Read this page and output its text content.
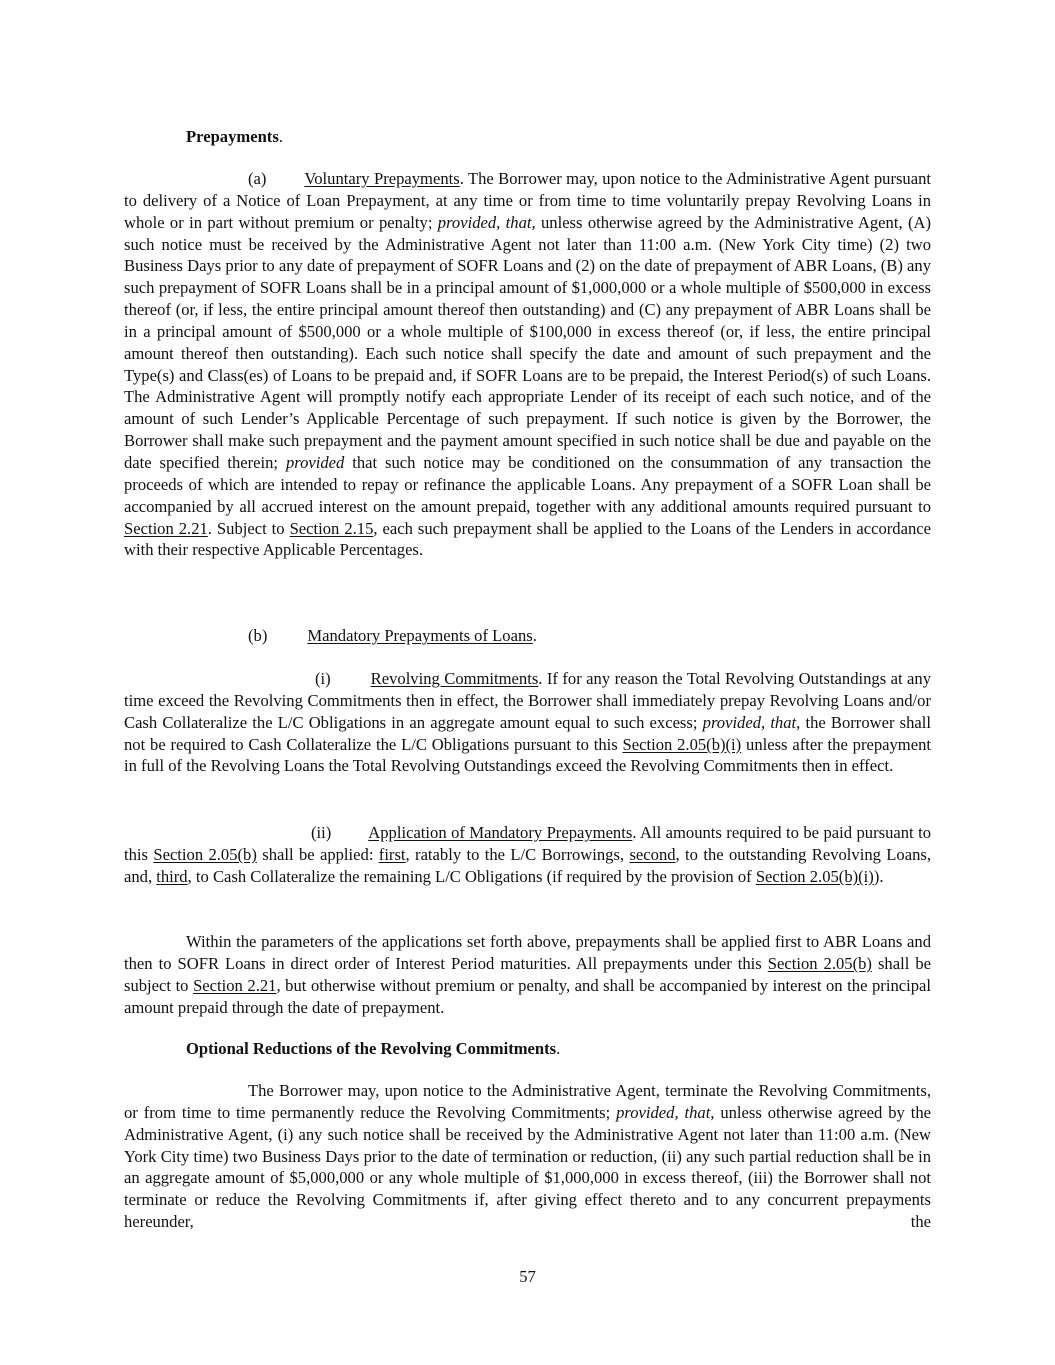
Prepayments.

(a) Voluntary Prepayments. The Borrower may, upon notice to the Administrative Agent pursuant to delivery of a Notice of Loan Prepayment, at any time or from time to time voluntarily prepay Revolving Loans in whole or in part without premium or penalty; provided, that, unless otherwise agreed by the Administrative Agent, (A) such notice must be received by the Administrative Agent not later than 11:00 a.m. (New York City time) (2) two Business Days prior to any date of prepayment of SOFR Loans and (2) on the date of prepayment of ABR Loans, (B) any such prepayment of SOFR Loans shall be in a principal amount of $1,000,000 or a whole multiple of $500,000 in excess thereof (or, if less, the entire principal amount thereof then outstanding) and (C) any prepayment of ABR Loans shall be in a principal amount of $500,000 or a whole multiple of $100,000 in excess thereof (or, if less, the entire principal amount thereof then outstanding). Each such notice shall specify the date and amount of such prepayment and the Type(s) and Class(es) of Loans to be prepaid and, if SOFR Loans are to be prepaid, the Interest Period(s) of such Loans. The Administrative Agent will promptly notify each appropriate Lender of its receipt of each such notice, and of the amount of such Lender’s Applicable Percentage of such prepayment. If such notice is given by the Borrower, the Borrower shall make such prepayment and the payment amount specified in such notice shall be due and payable on the date specified therein; provided that such notice may be conditioned on the consummation of any transaction the proceeds of which are intended to repay or refinance the applicable Loans. Any prepayment of a SOFR Loan shall be accompanied by all accrued interest on the amount prepaid, together with any additional amounts required pursuant to Section 2.21. Subject to Section 2.15, each such prepayment shall be applied to the Loans of the Lenders in accordance with their respective Applicable Percentages.

(b) Mandatory Prepayments of Loans.

(i) Revolving Commitments. If for any reason the Total Revolving Outstandings at any time exceed the Revolving Commitments then in effect, the Borrower shall immediately prepay Revolving Loans and/or Cash Collateralize the L/C Obligations in an aggregate amount equal to such excess; provided, that, the Borrower shall not be required to Cash Collateralize the L/C Obligations pursuant to this Section 2.05(b)(i) unless after the prepayment in full of the Revolving Loans the Total Revolving Outstandings exceed the Revolving Commitments then in effect.

(ii) Application of Mandatory Prepayments. All amounts required to be paid pursuant to this Section 2.05(b) shall be applied: first, ratably to the L/C Borrowings, second, to the outstanding Revolving Loans, and, third, to Cash Collateralize the remaining L/C Obligations (if required by the provision of Section 2.05(b)(i)).

Within the parameters of the applications set forth above, prepayments shall be applied first to ABR Loans and then to SOFR Loans in direct order of Interest Period maturities. All prepayments under this Section 2.05(b) shall be subject to Section 2.21, but otherwise without premium or penalty, and shall be accompanied by interest on the principal amount prepaid through the date of prepayment.

Optional Reductions of the Revolving Commitments.

The Borrower may, upon notice to the Administrative Agent, terminate the Revolving Commitments, or from time to time permanently reduce the Revolving Commitments; provided, that, unless otherwise agreed by the Administrative Agent, (i) any such notice shall be received by the Administrative Agent not later than 11:00 a.m. (New York City time) two Business Days prior to the date of termination or reduction, (ii) any such partial reduction shall be in an aggregate amount of $5,000,000 or any whole multiple of $1,000,000 in excess thereof, (iii) the Borrower shall not terminate or reduce the Revolving Commitments if, after giving effect thereto and to any concurrent prepayments hereunder, the

57
